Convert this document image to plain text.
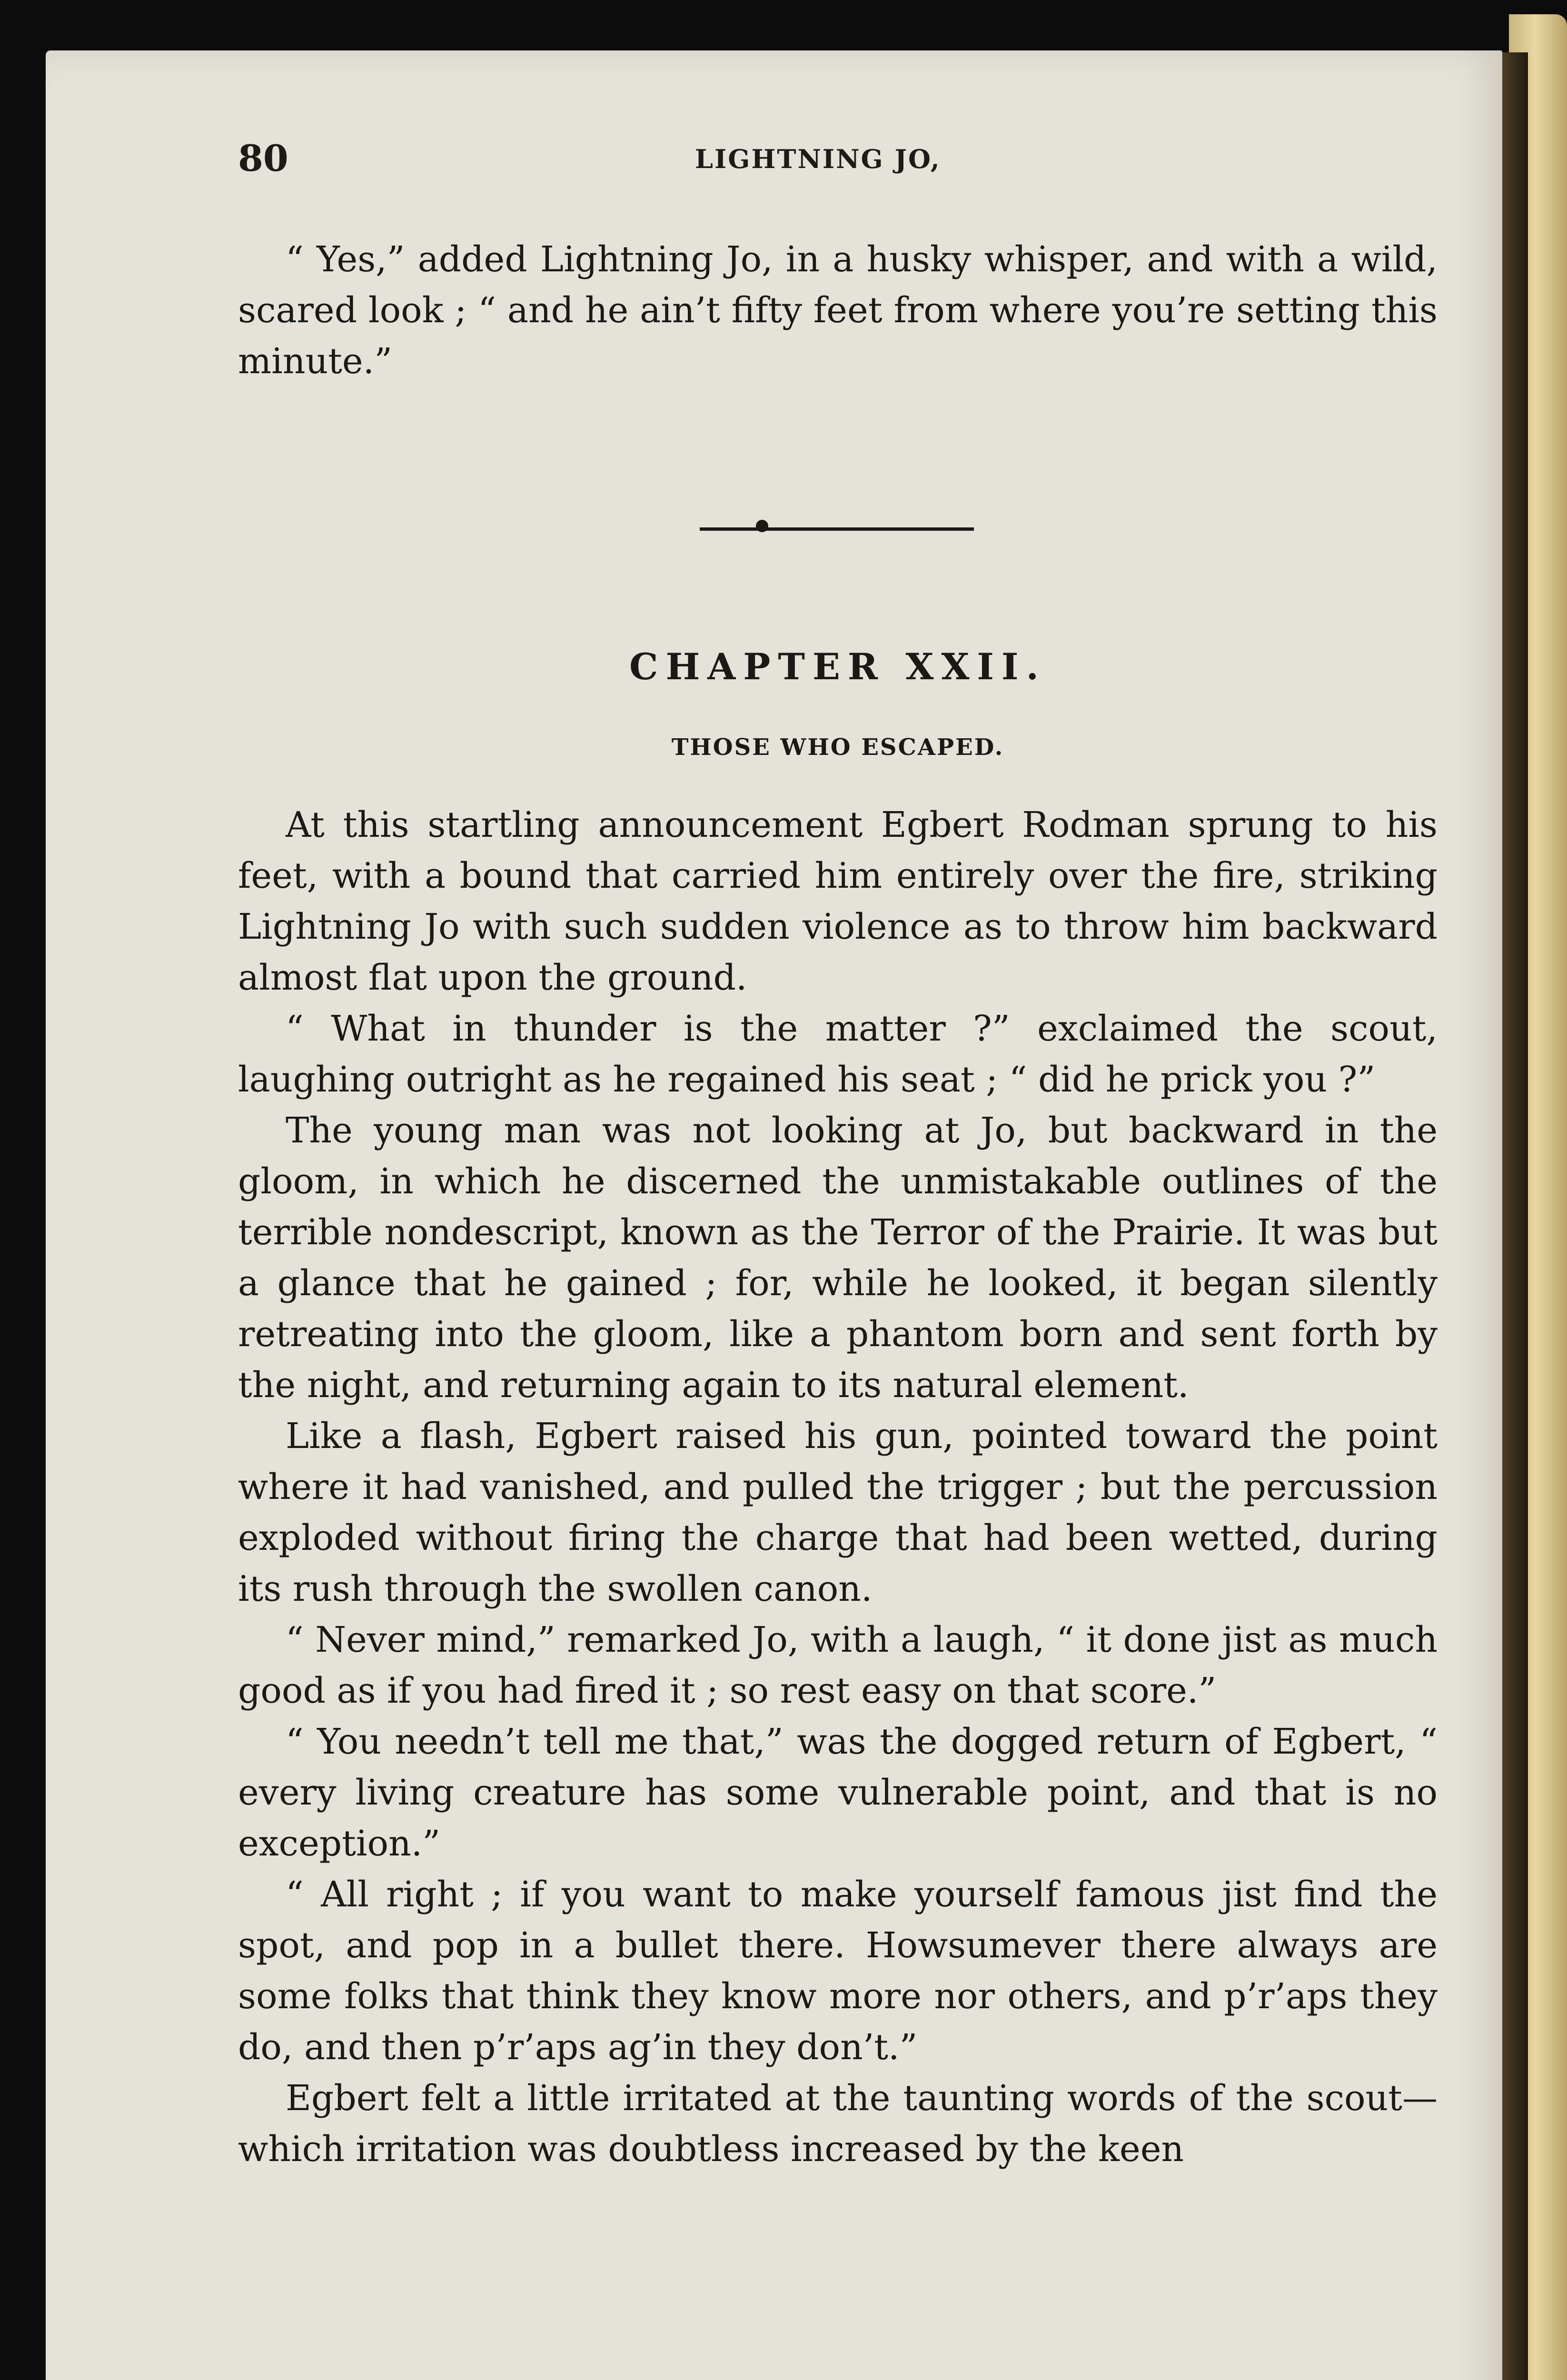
80	LIGHTNING JO,

“ Yes,” added Lightning Jo, in a husky whisper, and with a wild, scared look ; “ and he ain’t fifty feet from where you’re setting this minute.”

CHAPTER XXII.
THOSE WHO ESCAPED.

At this startling announcement Egbert Rodman sprung to his feet, with a bound that carried him entirely over the fire, striking Lightning Jo with such sudden violence as to throw him backward almost flat upon the ground.

“ What in thunder is the matter ?” exclaimed the scout, laughing outright as he regained his seat ; “ did he prick you ?”

The young man was not looking at Jo, but backward in the gloom, in which he discerned the unmistakable outlines of the terrible nondescript, known as the Terror of the Prairie. It was but a glance that he gained ; for, while he looked, it began silently retreating into the gloom, like a phantom born and sent forth by the night, and returning again to its natural element.

Like a flash, Egbert raised his gun, pointed toward the point where it had vanished, and pulled the trigger ; but the percussion exploded without firing the charge that had been wetted, during its rush through the swollen canon.

“ Never mind,” remarked Jo, with a laugh, “ it done jist as much good as if you had fired it ; so rest easy on that score.”

“ You needn’t tell me that,” was the dogged return of Egbert, “ every living creature has some vulnerable point, and that is no exception.”

“ All right ; if you want to make yourself famous jist find the spot, and pop in a bullet there. Howsumever there always are some folks that think they know more nor others, and p’r’aps they do, and then p’r’aps ag’in they don’t.”

Egbert felt a little irritated at the taunting words of the scout—which irritation was doubtless increased by the keen
